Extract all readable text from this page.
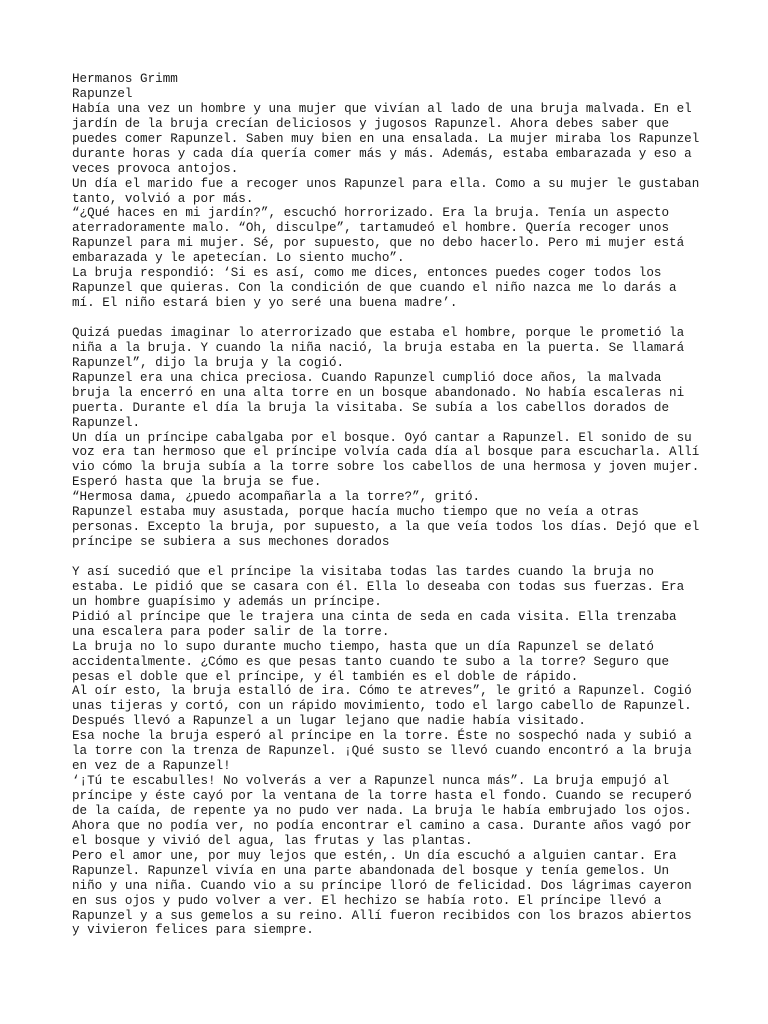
Hermanos Grimm
Rapunzel
Había una vez un hombre y una mujer que vivían al lado de una bruja malvada. En el
jardín de la bruja crecían deliciosos y jugosos Rapunzel. Ahora debes saber que
puedes comer Rapunzel. Saben muy bien en una ensalada. La mujer miraba los Rapunzel
durante horas y cada día quería comer más y más. Además, estaba embarazada y eso a
veces provoca antojos.
Un día el marido fue a recoger unos Rapunzel para ella. Como a su mujer le gustaban
tanto, volvió a por más.
“¿Qué haces en mi jardín?”, escuchó horrorizado. Era la bruja. Tenía un aspecto
aterradoramente malo. “Oh, disculpe”, tartamudeó el hombre. Quería recoger unos
Rapunzel para mi mujer. Sé, por supuesto, que no debo hacerlo. Pero mi mujer está
embarazada y le apetecían. Lo siento mucho”.
La bruja respondió: ‘Si es así, como me dices, entonces puedes coger todos los
Rapunzel que quieras. Con la condición de que cuando el niño nazca me lo darás a
mí. El niño estará bien y yo seré una buena madre’.

Quizá puedas imaginar lo aterrorizado que estaba el hombre, porque le prometió la
niña a la bruja. Y cuando la niña nació, la bruja estaba en la puerta. Se llamará
Rapunzel”, dijo la bruja y la cogió.
Rapunzel era una chica preciosa. Cuando Rapunzel cumplió doce años, la malvada
bruja la encerró en una alta torre en un bosque abandonado. No había escaleras ni
puerta. Durante el día la bruja la visitaba. Se subía a los cabellos dorados de
Rapunzel.
Un día un príncipe cabalgaba por el bosque. Oyó cantar a Rapunzel. El sonido de su
voz era tan hermoso que el príncipe volvía cada día al bosque para escucharla. Allí
vio cómo la bruja subía a la torre sobre los cabellos de una hermosa y joven mujer.
Esperó hasta que la bruja se fue.
“Hermosa dama, ¿puedo acompañarla a la torre?”, gritó.
Rapunzel estaba muy asustada, porque hacía mucho tiempo que no veía a otras
personas. Excepto la bruja, por supuesto, a la que veía todos los días. Dejó que el
príncipe se subiera a sus mechones dorados

Y así sucedió que el príncipe la visitaba todas las tardes cuando la bruja no
estaba. Le pidió que se casara con él. Ella lo deseaba con todas sus fuerzas. Era
un hombre guapísimo y además un príncipe.
Pidió al príncipe que le trajera una cinta de seda en cada visita. Ella trenzaba
una escalera para poder salir de la torre.
La bruja no lo supo durante mucho tiempo, hasta que un día Rapunzel se delató
accidentalmente. ¿Cómo es que pesas tanto cuando te subo a la torre? Seguro que
pesas el doble que el príncipe, y él también es el doble de rápido.
Al oír esto, la bruja estalló de ira. Cómo te atreves”, le gritó a Rapunzel. Cogió
unas tijeras y cortó, con un rápido movimiento, todo el largo cabello de Rapunzel.
Después llevó a Rapunzel a un lugar lejano que nadie había visitado.
Esa noche la bruja esperó al príncipe en la torre. Éste no sospechó nada y subió a
la torre con la trenza de Rapunzel. ¡Qué susto se llevó cuando encontró a la bruja
en vez de a Rapunzel!
‘¡Tú te escabulles! No volverás a ver a Rapunzel nunca más”. La bruja empujó al
príncipe y éste cayó por la ventana de la torre hasta el fondo. Cuando se recuperó
de la caída, de repente ya no pudo ver nada. La bruja le había embrujado los ojos.
Ahora que no podía ver, no podía encontrar el camino a casa. Durante años vagó por
el bosque y vivió del agua, las frutas y las plantas.
Pero el amor une, por muy lejos que estén,. Un día escuchó a alguien cantar. Era
Rapunzel. Rapunzel vivía en una parte abandonada del bosque y tenía gemelos. Un
niño y una niña. Cuando vio a su príncipe lloró de felicidad. Dos lágrimas cayeron
en sus ojos y pudo volver a ver. El hechizo se había roto. El príncipe llevó a
Rapunzel y a sus gemelos a su reino. Allí fueron recibidos con los brazos abiertos
y vivieron felices para siempre.
